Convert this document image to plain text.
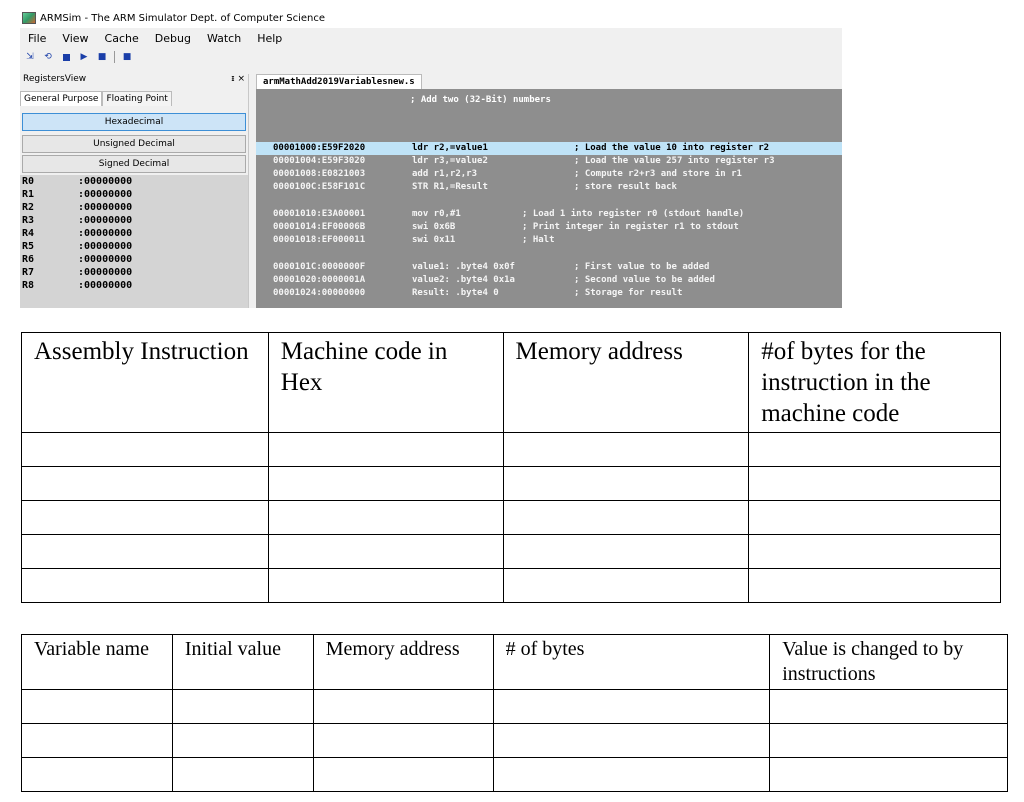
ARMSim - The ARM Simulator Dept. of Computer Science
File	View	Cache	Debug	Watch	Help
⇲ ⟲	▶ ■ ■
RegistersView	ᵻ ×
General Purpose Floating Point
Hexadecimal
Unsigned Decimal
Signed Decimal
R0	:00000000
R1	:00000000
R2	:00000000
R3	:00000000
R4	:00000000
R5	:00000000
R6	:00000000
R7	:00000000
R8	:00000000
armMathAdd2019Variablesnew.s
; Add two (32-Bit) numbers
00001000:E59F2020	ldr r2,=value1	; Load the value 10 into register r2
00001004:E59F3020	ldr r3,=value2	; Load the value 257 into register r3
00001008:E0821003	add r1,r2,r3	; Compute r2+r3 and store in r1
0000100C:E58F101C	STR R1,=Result	; store result back
00001010:E3A00001	mov r0,#1	; Load 1 into register r0 (stdout handle)
00001014:EF00006B	swi 0x6B	; Print integer in register r1 to stdout
00001018:EF000011	swi 0x11	; Halt
0000101C:0000000F	value1: .byte4 0x0f	; First value to be added
00001020:0000001A	value2: .byte4 0x1a	; Second value to be added
00001024:00000000	Result: .byte4 0	; Storage for result
Assembly Instruction	Machine code in Hex	Memory address	#of bytes for the instruction in the machine code

Variable name	Initial value	Memory address	# of bytes	Value is changed to by instructions
